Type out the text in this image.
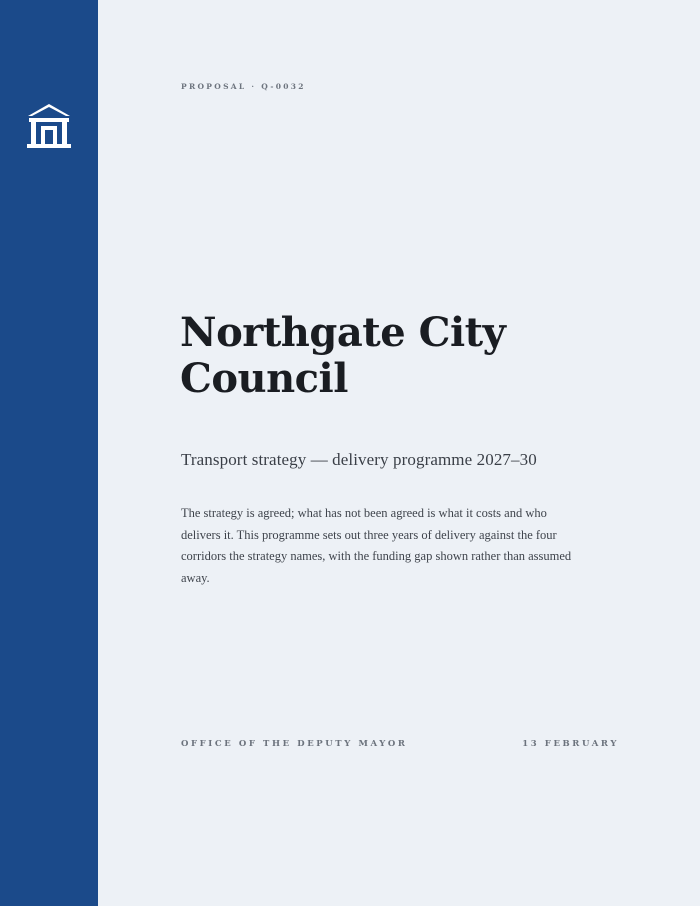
PROPOSAL · Q-0032
Northgate City Council
Transport strategy — delivery programme 2027–30

The strategy is agreed; what has not been agreed is what it costs and who delivers it. This programme sets out three years of delivery against the four corridors the strategy names, with the funding gap shown rather than assumed away.

OFFICE OF THE DEPUTY MAYOR	13 FEBRUARY
